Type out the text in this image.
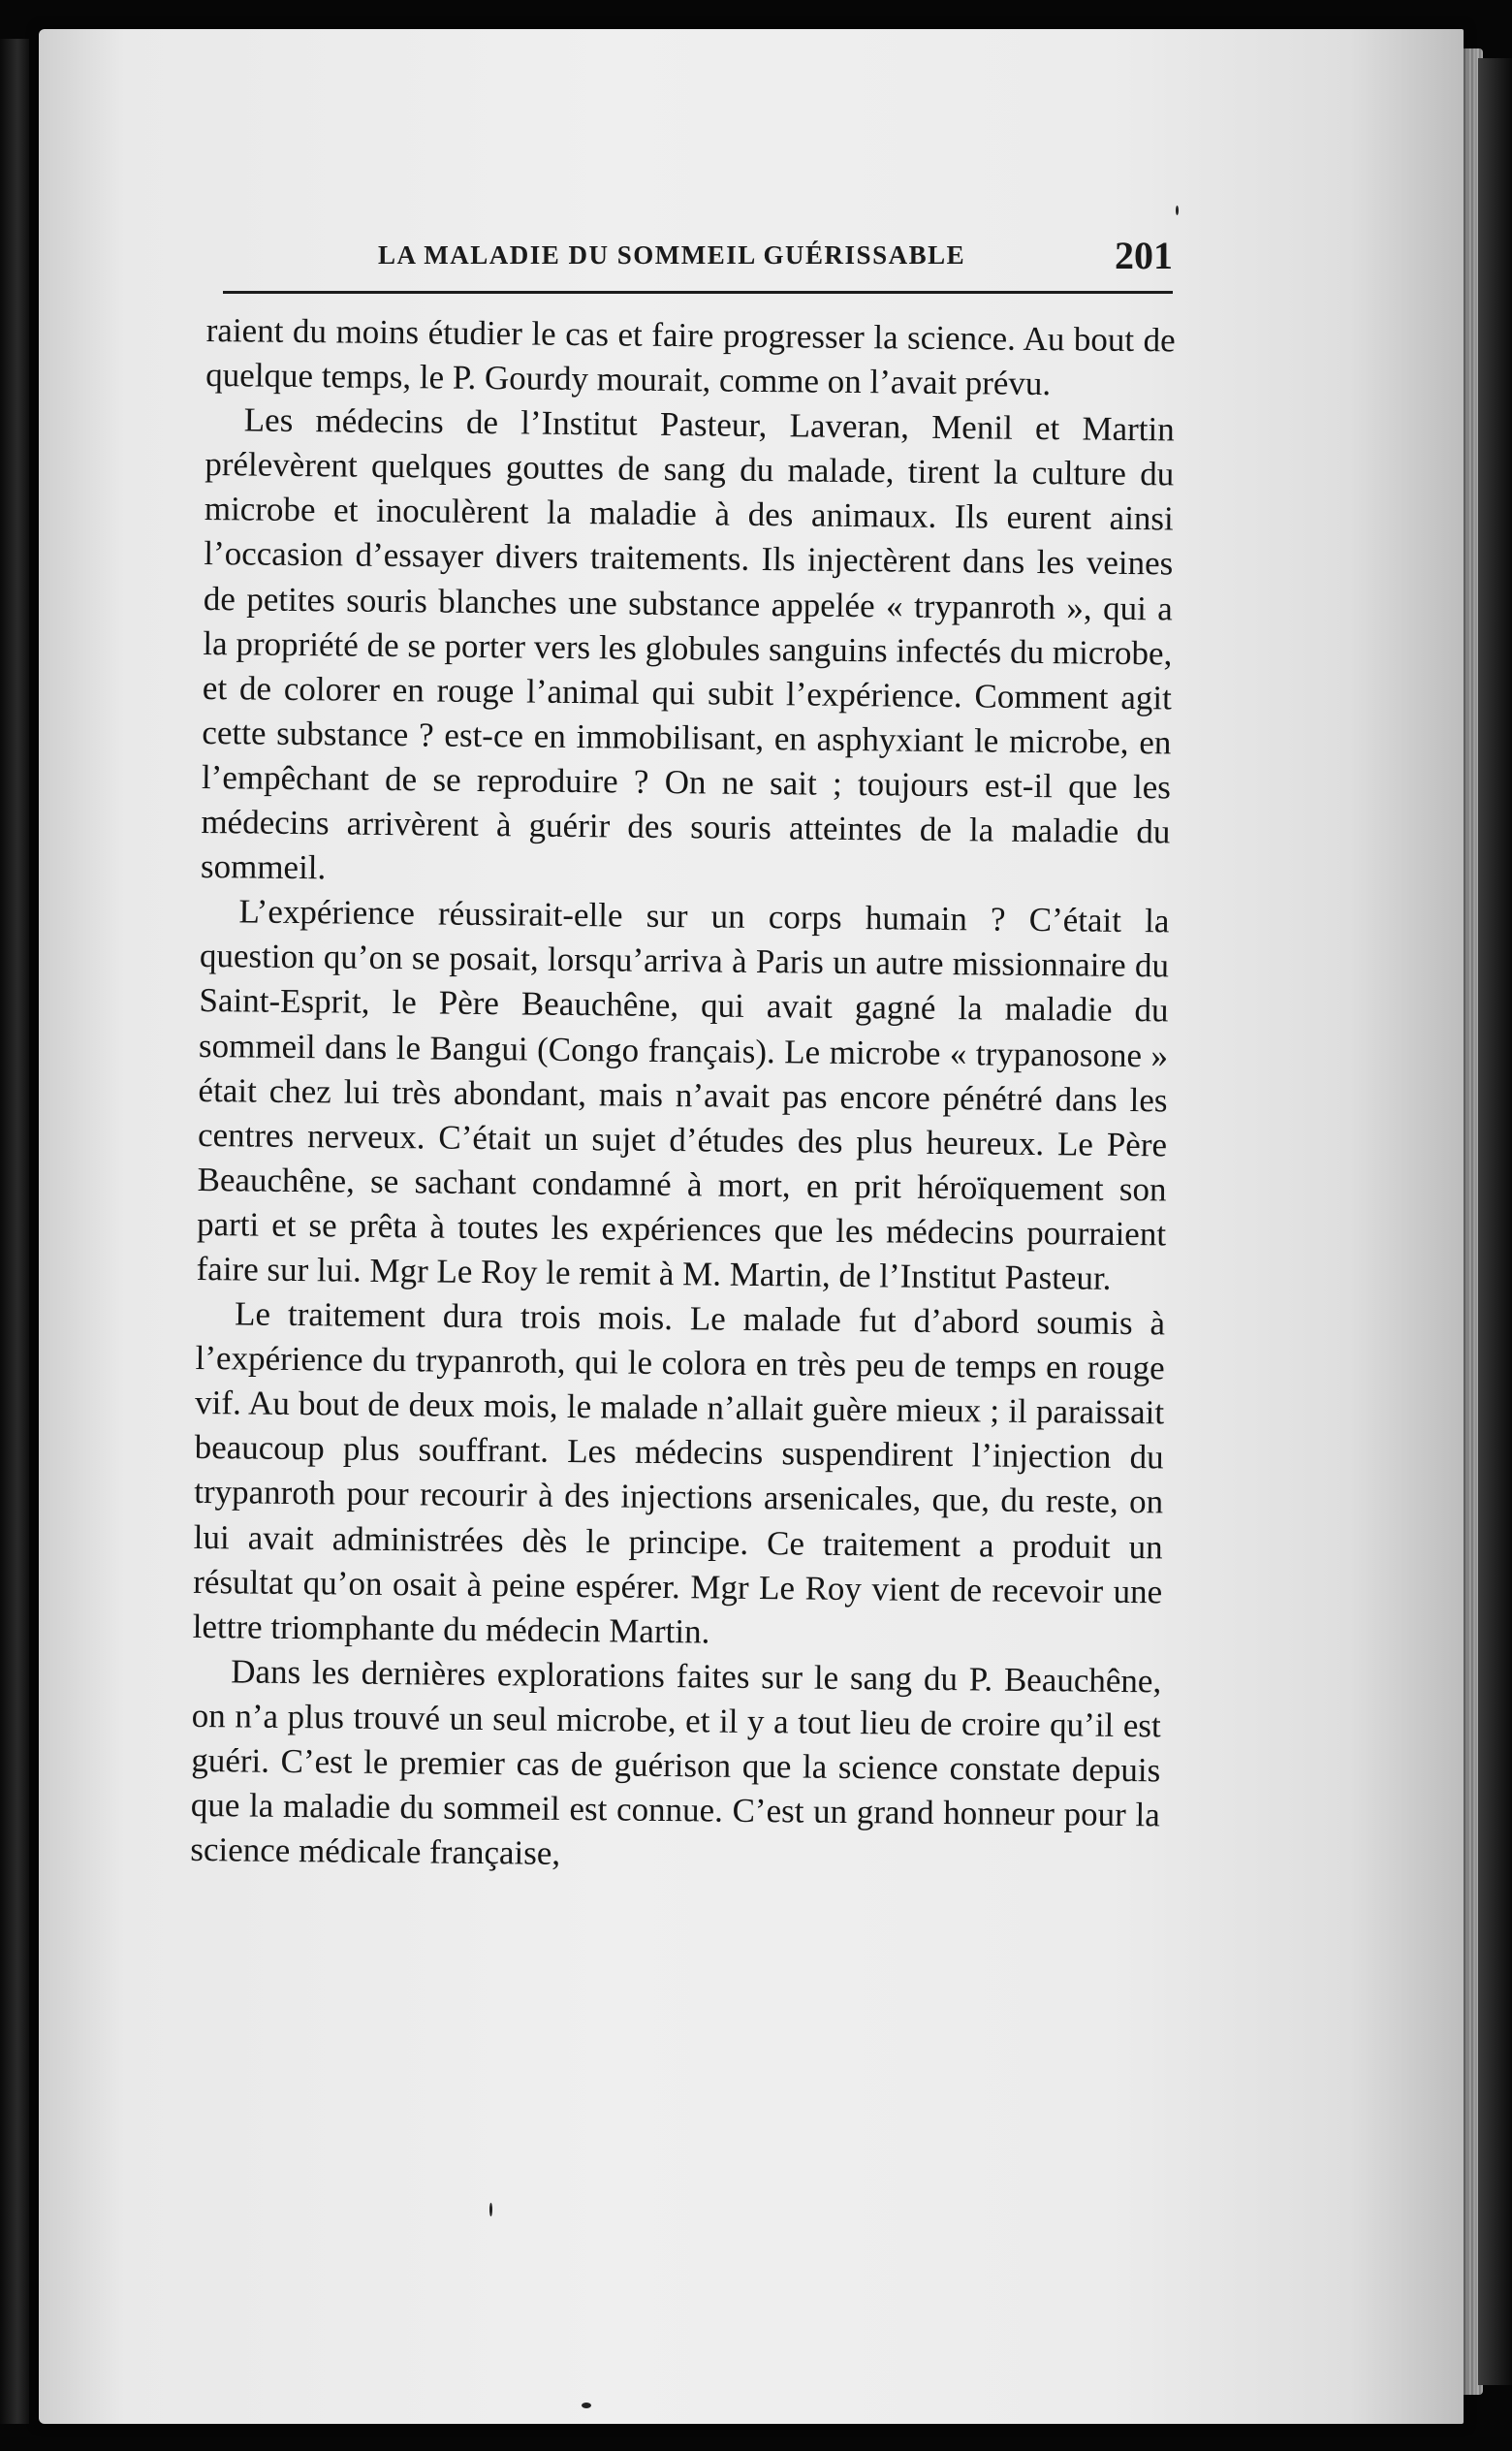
LA MALADIE DU SOMMEIL GUÉRISSABLE	201

raient du moins étudier le cas et faire progresser la science. Au bout de quelque temps, le P. Gourdy mourait, comme on l’avait prévu.

Les médecins de l’Institut Pasteur, Laveran, Menil et Martin prélevèrent quelques gouttes de sang du malade, tirent la culture du microbe et inoculèrent la maladie à des animaux. Ils eurent ainsi l’occasion d’essayer divers traitements. Ils injectèrent dans les veines de petites souris blanches une substance appelée « trypanroth », qui a la propriété de se porter vers les globules sanguins infectés du microbe, et de colorer en rouge l’animal qui subit l’expérience. Comment agit cette substance ? est-ce en immobilisant, en asphyxiant le microbe, en l’empêchant de se reproduire ? On ne sait ; toujours est-il que les médecins arrivèrent à guérir des souris atteintes de la maladie du sommeil.

L’expérience réussirait-elle sur un corps humain ? C’était la question qu’on se posait, lorsqu’arriva à Paris un autre missionnaire du Saint-Esprit, le Père Beauchêne, qui avait gagné la maladie du sommeil dans le Bangui (Congo français). Le microbe « trypanosone » était chez lui très abondant, mais n’avait pas encore pénétré dans les centres nerveux. C’était un sujet d’études des plus heureux. Le Père Beauchêne, se sachant condamné à mort, en prit héroïquement son parti et se prêta à toutes les expériences que les médecins pourraient faire sur lui. Mgr Le Roy le remit à M. Martin, de l’Institut Pasteur.

Le traitement dura trois mois. Le malade fut d’abord soumis à l’expérience du trypanroth, qui le colora en très peu de temps en rouge vif. Au bout de deux mois, le malade n’allait guère mieux ; il paraissait beaucoup plus souffrant. Les médecins suspendirent l’injection du trypanroth pour recourir à des injections arsenicales, que, du reste, on lui avait administrées dès le principe. Ce traitement a produit un résultat qu’on osait à peine espérer. Mgr Le Roy vient de recevoir une lettre triomphante du médecin Martin.

Dans les dernières explorations faites sur le sang du P. Beauchêne, on n’a plus trouvé un seul microbe, et il y a tout lieu de croire qu’il est guéri. C’est le premier cas de guérison que la science constate depuis que la maladie du sommeil est connue. C’est un grand honneur pour la science médicale française,
